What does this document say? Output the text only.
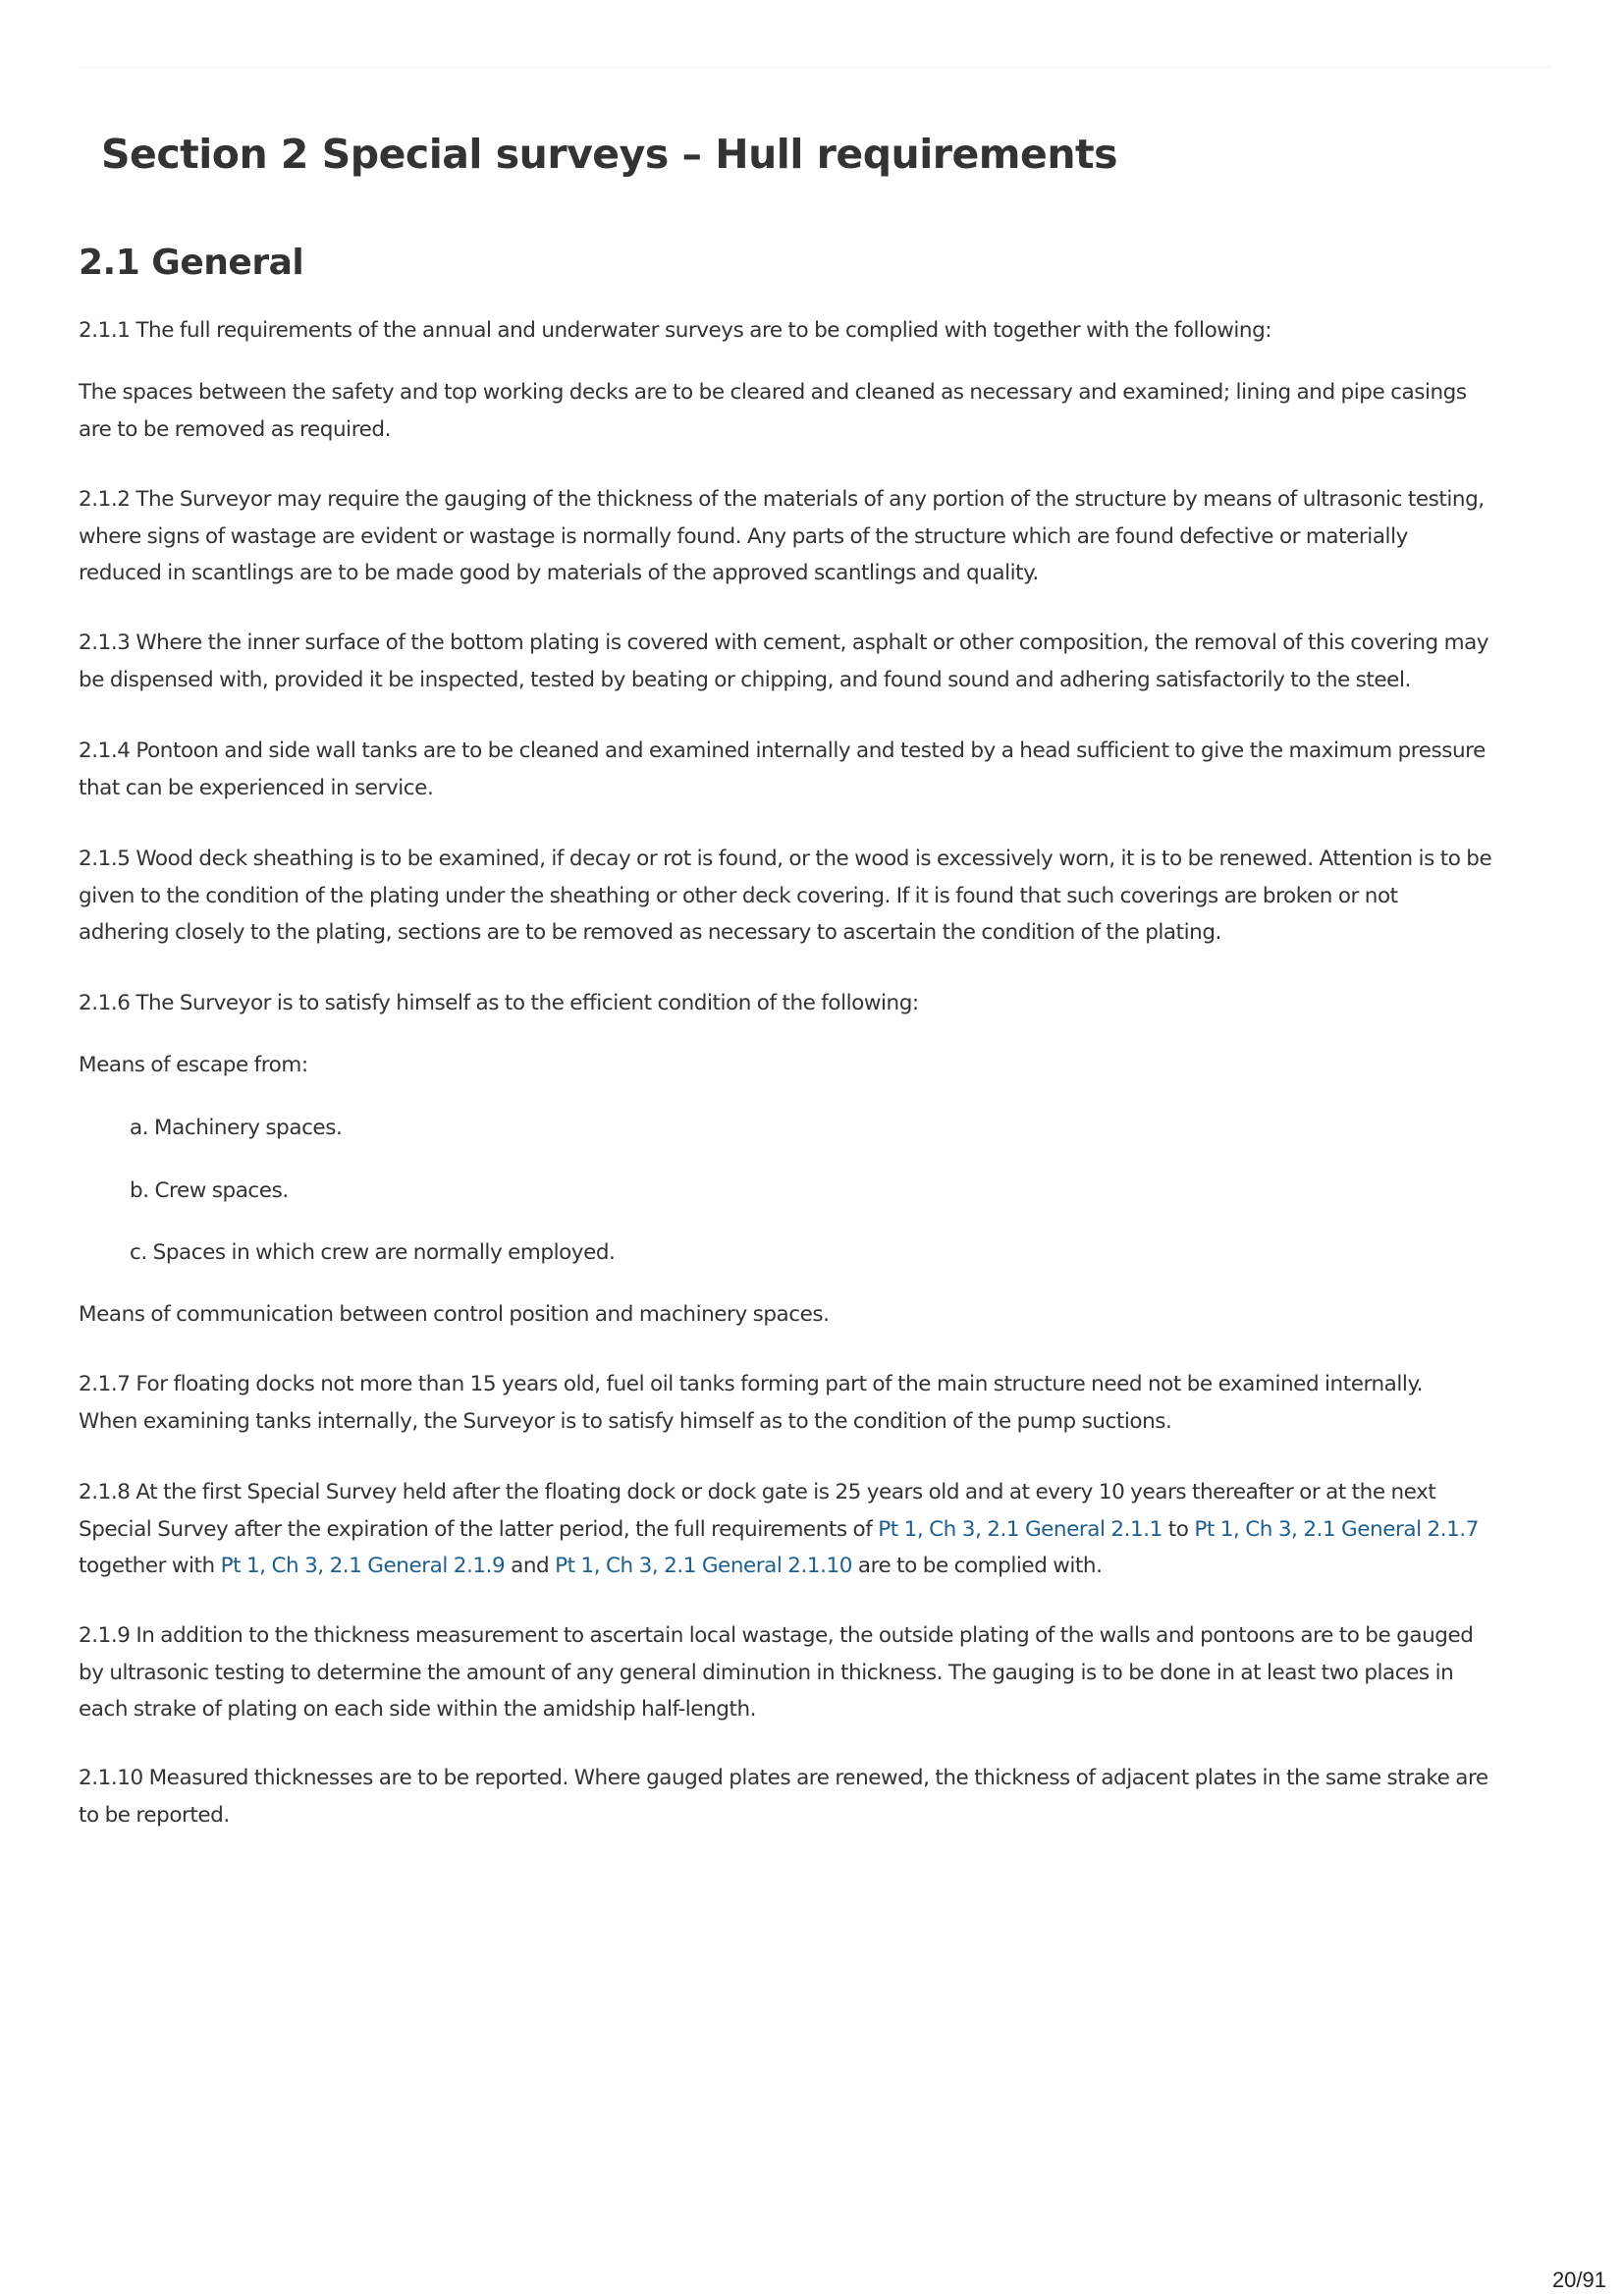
Section 2 Special surveys – Hull requirements
2.1 General

2.1.1 The full requirements of the annual and underwater surveys are to be complied with together with the following:

The spaces between the safety and top working decks are to be cleared and cleaned as necessary and examined; lining and pipe casings
are to be removed as required.

2.1.2 The Surveyor may require the gauging of the thickness of the materials of any portion of the structure by means of ultrasonic testing,
where signs of wastage are evident or wastage is normally found. Any parts of the structure which are found defective or materially
reduced in scantlings are to be made good by materials of the approved scantlings and quality.

2.1.3 Where the inner surface of the bottom plating is covered with cement, asphalt or other composition, the removal of this covering may
be dispensed with, provided it be inspected, tested by beating or chipping, and found sound and adhering satisfactorily to the steel.

2.1.4 Pontoon and side wall tanks are to be cleaned and examined internally and tested by a head sufficient to give the maximum pressure
that can be experienced in service.

2.1.5 Wood deck sheathing is to be examined, if decay or rot is found, or the wood is excessively worn, it is to be renewed. Attention is to be
given to the condition of the plating under the sheathing or other deck covering. If it is found that such coverings are broken or not
adhering closely to the plating, sections are to be removed as necessary to ascertain the condition of the plating.

2.1.6 The Surveyor is to satisfy himself as to the efficient condition of the following:

Means of escape from:

a. Machinery spaces.

b. Crew spaces.

c. Spaces in which crew are normally employed.

Means of communication between control position and machinery spaces.

2.1.7 For floating docks not more than 15 years old, fuel oil tanks forming part of the main structure need not be examined internally.
When examining tanks internally, the Surveyor is to satisfy himself as to the condition of the pump suctions.

2.1.8 At the first Special Survey held after the floating dock or dock gate is 25 years old and at every 10 years thereafter or at the next
Special Survey after the expiration of the latter period, the full requirements of Pt 1, Ch 3, 2.1 General 2.1.1 to Pt 1, Ch 3, 2.1 General 2.1.7
together with Pt 1, Ch 3, 2.1 General 2.1.9 and Pt 1, Ch 3, 2.1 General 2.1.10 are to be complied with.

2.1.9 In addition to the thickness measurement to ascertain local wastage, the outside plating of the walls and pontoons are to be gauged
by ultrasonic testing to determine the amount of any general diminution in thickness. The gauging is to be done in at least two places in
each strake of plating on each side within the amidship half-length.

2.1.10 Measured thicknesses are to be reported. Where gauged plates are renewed, the thickness of adjacent plates in the same strake are
to be reported.

20/91
